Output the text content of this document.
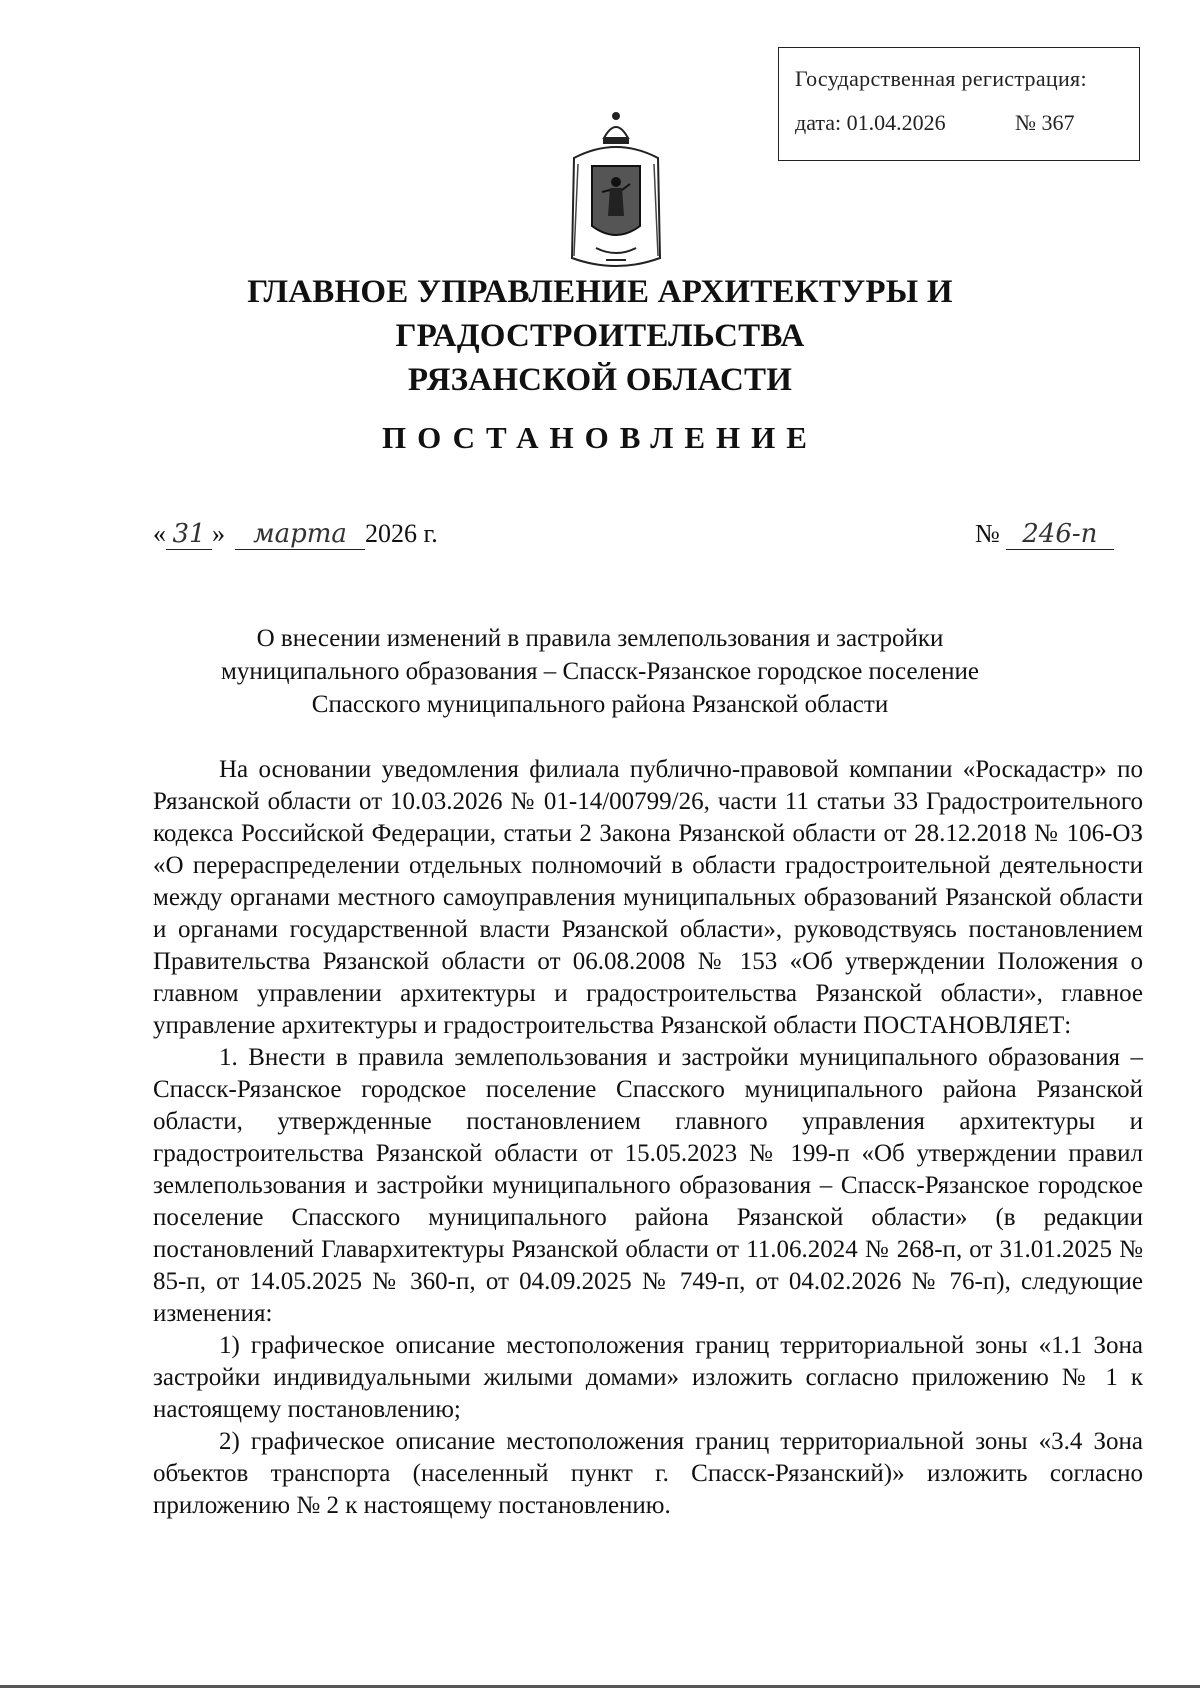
Государственная регистрация:
дата: 01.04.2026	№ 367
ГЛАВНОЕ УПРАВЛЕНИЕ АРХИТЕКТУРЫ И ГРАДОСТРОИТЕЛЬСТВА
РЯЗАНСКОЙ ОБЛАСТИ
ПОСТАНОВЛЕНИЕ
« 31 » марта 2026 г.	№ 246-п
О внесении изменений в правила землепользования и застройки
муниципального образования – Спасск-Рязанское городское поселение
Спасского муниципального района Рязанской области

На основании уведомления филиала публично-правовой компании «Роскадастр» по Рязанской области от 10.03.2026 № 01-14/00799/26, части 11 статьи 33 Градостроительного кодекса Российской Федерации, статьи 2 Закона Рязанской области от 28.12.2018 № 106-ОЗ «О перераспределении отдельных полномочий в области градостроительной деятельности между органами местного самоуправления муниципальных образований Рязанской области и органами государственной власти Рязанской области», руководствуясь постановлением Правительства Рязанской области от 06.08.2008 № 153 «Об утверждении Положения о главном управлении архитектуры и градостроительства Рязанской области», главное управление архитектуры и градостроительства Рязанской области ПОСТАНОВЛЯЕТ:

1. Внести в правила землепользования и застройки муниципального образования – Спасск-Рязанское городское поселение Спасского муниципального района Рязанской области, утвержденные постановлением главного управления архитектуры и градостроительства Рязанской области от 15.05.2023 № 199-п «Об утверждении правил землепользования и застройки муниципального образования – Спасск-Рязанское городское поселение Спасского муниципального района Рязанской области» (в редакции постановлений Главархитектуры Рязанской области от 11.06.2024 № 268-п, от 31.01.2025 № 85-п, от 14.05.2025 № 360-п, от 04.09.2025 № 749-п, от 04.02.2026 № 76-п), следующие изменения:

1) графическое описание местоположения границ территориальной зоны «1.1 Зона застройки индивидуальными жилыми домами» изложить согласно приложению № 1 к настоящему постановлению;

2) графическое описание местоположения границ территориальной зоны «3.4 Зона объектов транспорта (населенный пункт г. Спасск-Рязанский)» изложить согласно приложению № 2 к настоящему постановлению.
